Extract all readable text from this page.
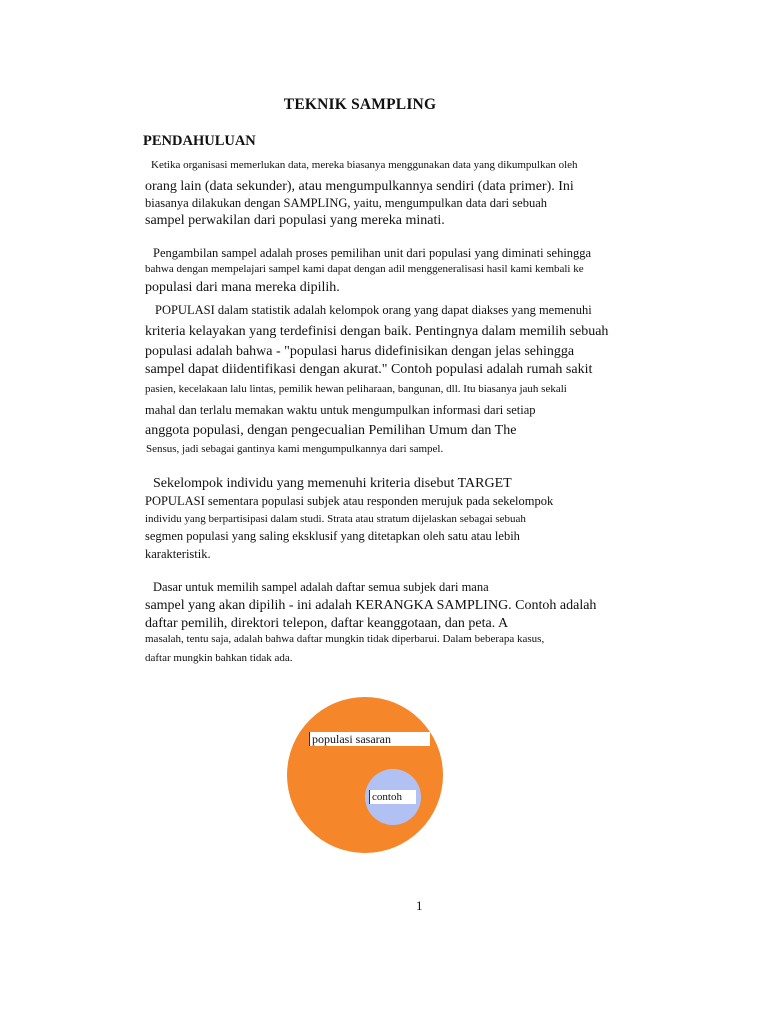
TEKNIK SAMPLING
PENDAHULUAN
Ketika organisasi memerlukan data, mereka biasanya menggunakan data yang dikumpulkan oleh
orang lain (data sekunder), atau mengumpulkannya sendiri (data primer). Ini
biasanya dilakukan dengan SAMPLING, yaitu, mengumpulkan data dari sebuah
sampel perwakilan dari populasi yang mereka minati.
Pengambilan sampel adalah proses pemilihan unit dari populasi yang diminati sehingga
bahwa dengan mempelajari sampel kami dapat dengan adil menggeneralisasi hasil kami kembali ke
populasi dari mana mereka dipilih.
POPULASI dalam statistik adalah kelompok orang yang dapat diakses yang memenuhi
kriteria kelayakan yang terdefinisi dengan baik. Pentingnya dalam memilih sebuah
populasi adalah bahwa - "populasi harus didefinisikan dengan jelas sehingga
sampel dapat diidentifikasi dengan akurat." Contoh populasi adalah rumah sakit
pasien, kecelakaan lalu lintas, pemilik hewan peliharaan, bangunan, dll. Itu biasanya jauh sekali
mahal dan terlalu memakan waktu untuk mengumpulkan informasi dari setiap
anggota populasi, dengan pengecualian Pemilihan Umum dan The
Sensus, jadi sebagai gantinya kami mengumpulkannya dari sampel.
Sekelompok individu yang memenuhi kriteria disebut TARGET
POPULASI sementara populasi subjek atau responden merujuk pada sekelompok
individu yang berpartisipasi dalam studi. Strata atau stratum dijelaskan sebagai sebuah
segmen populasi yang saling eksklusif yang ditetapkan oleh satu atau lebih
karakteristik.
Dasar untuk memilih sampel adalah daftar semua subjek dari mana
sampel yang akan dipilih - ini adalah KERANGKA SAMPLING. Contoh adalah
daftar pemilih, direktori telepon, daftar keanggotaan, dan peta. A
masalah, tentu saja, adalah bahwa daftar mungkin tidak diperbarui. Dalam beberapa kasus,
daftar mungkin bahkan tidak ada.
populasi sasaran
contoh
1
